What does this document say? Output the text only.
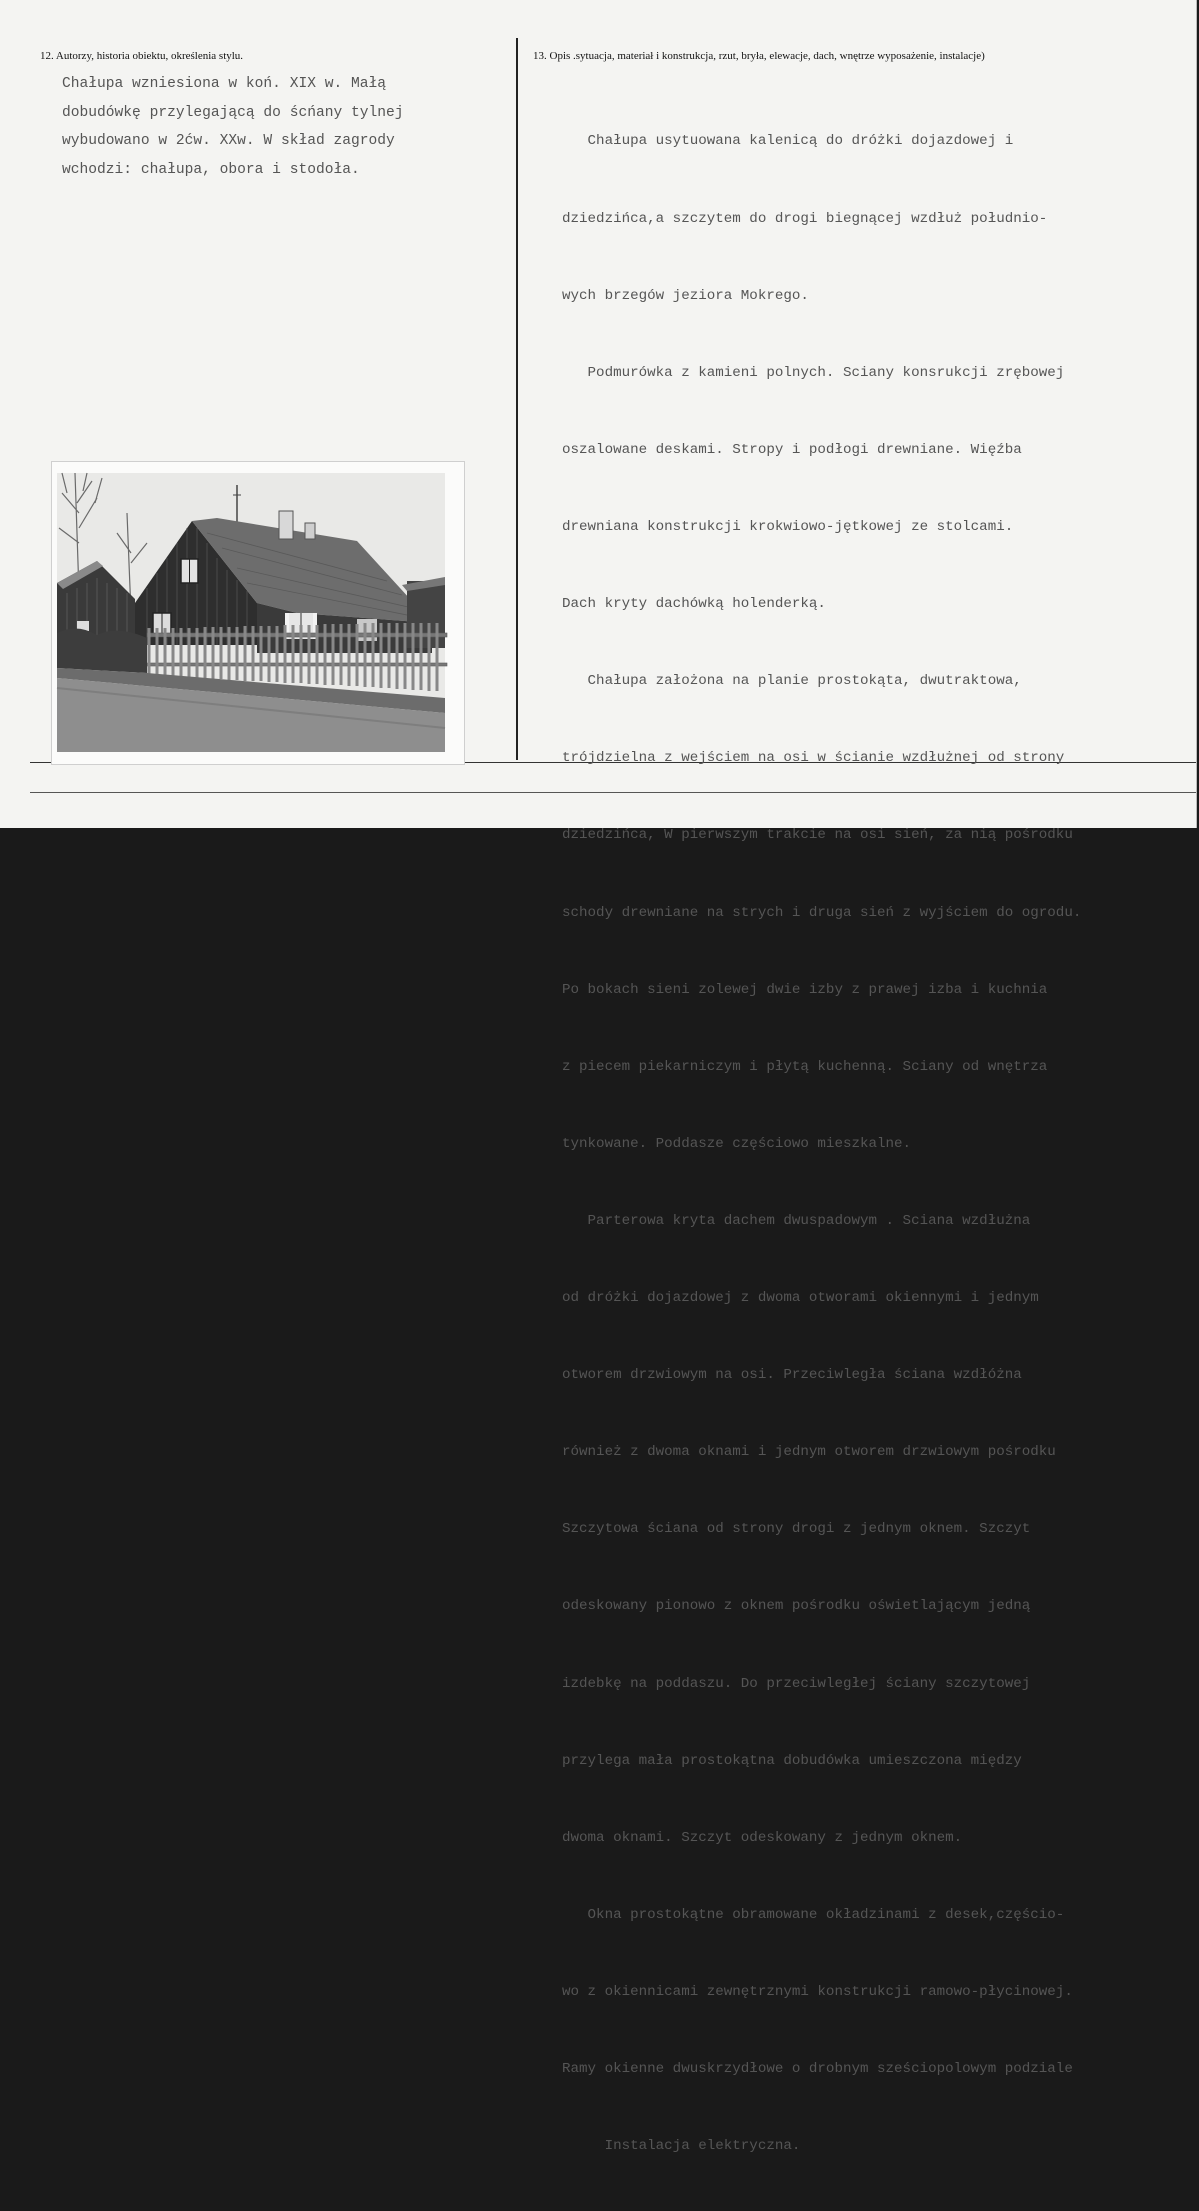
12. Autorzy, historia obiektu, określenia stylu.	13. Opis .sytuacja, materiał i konstrukcja, rzut, bryła, elewacje, dach, wnętrze wyposażenie, instalacje)
Chałupa wzniesiona w koń. XIX w. Małą
dobudówkę przylegającą do ścńany tylnej
wybudowano w 2ćw. XXw. W skład zagrody
wchodzi: chałupa, obora i stodoła.

Chałupa usytuowana kalenicą do dróżki dojazdowej i

dziedzińca,a szczytem do drogi biegnącej wzdłuż południo-

wych brzegów jeziora Mokrego.

Podmurówka z kamieni polnych. Sciany konsrukcji zrębowej

oszalowane deskami. Stropy i podłogi drewniane. Więźba

drewniana konstrukcji krokwiowo-jętkowej ze stolcami.

Dach kryty dachówką holenderką.

Chałupa założona na planie prostokąta, dwutraktowa,

trójdzielna z wejściem na osi w ścianie wzdłużnej od strony

dziedzińca, W pierwszym trakcie na osi sień, za nią pośrodku

schody drewniane na strych i druga sień z wyjściem do ogrodu.

Po bokach sieni zolewej dwie izby z prawej izba i kuchnia

z piecem piekarniczym i płytą kuchenną. Sciany od wnętrza

tynkowane. Poddasze częściowo mieszkalne.

Parterowa kryta dachem dwuspadowym . Sciana wzdłużna

od dróżki dojazdowej z dwoma otworami okiennymi i jednym

otworem drzwiowym na osi. Przeciwległa ściana wzdłóżna

również z dwoma oknami i jednym otworem drzwiowym pośrodku

Szczytowa ściana od strony drogi z jednym oknem. Szczyt

odeskowany pionowo z oknem pośrodku oświetlającym jedną

izdebkę na poddaszu. Do przeciwległej ściany szczytowej

przylega mała prostokątna dobudówka umieszczona między

dwoma oknami. Szczyt odeskowany z jednym oknem.

Okna prostokątne obramowane okładzinami z desek,częścio-

wo z okiennicami zewnętrznymi konstrukcji ramowo-płycinowej.

Ramy okienne dwuskrzydłowe o drobnym sześciopolowym podziale

Instalacja elektryczna.
